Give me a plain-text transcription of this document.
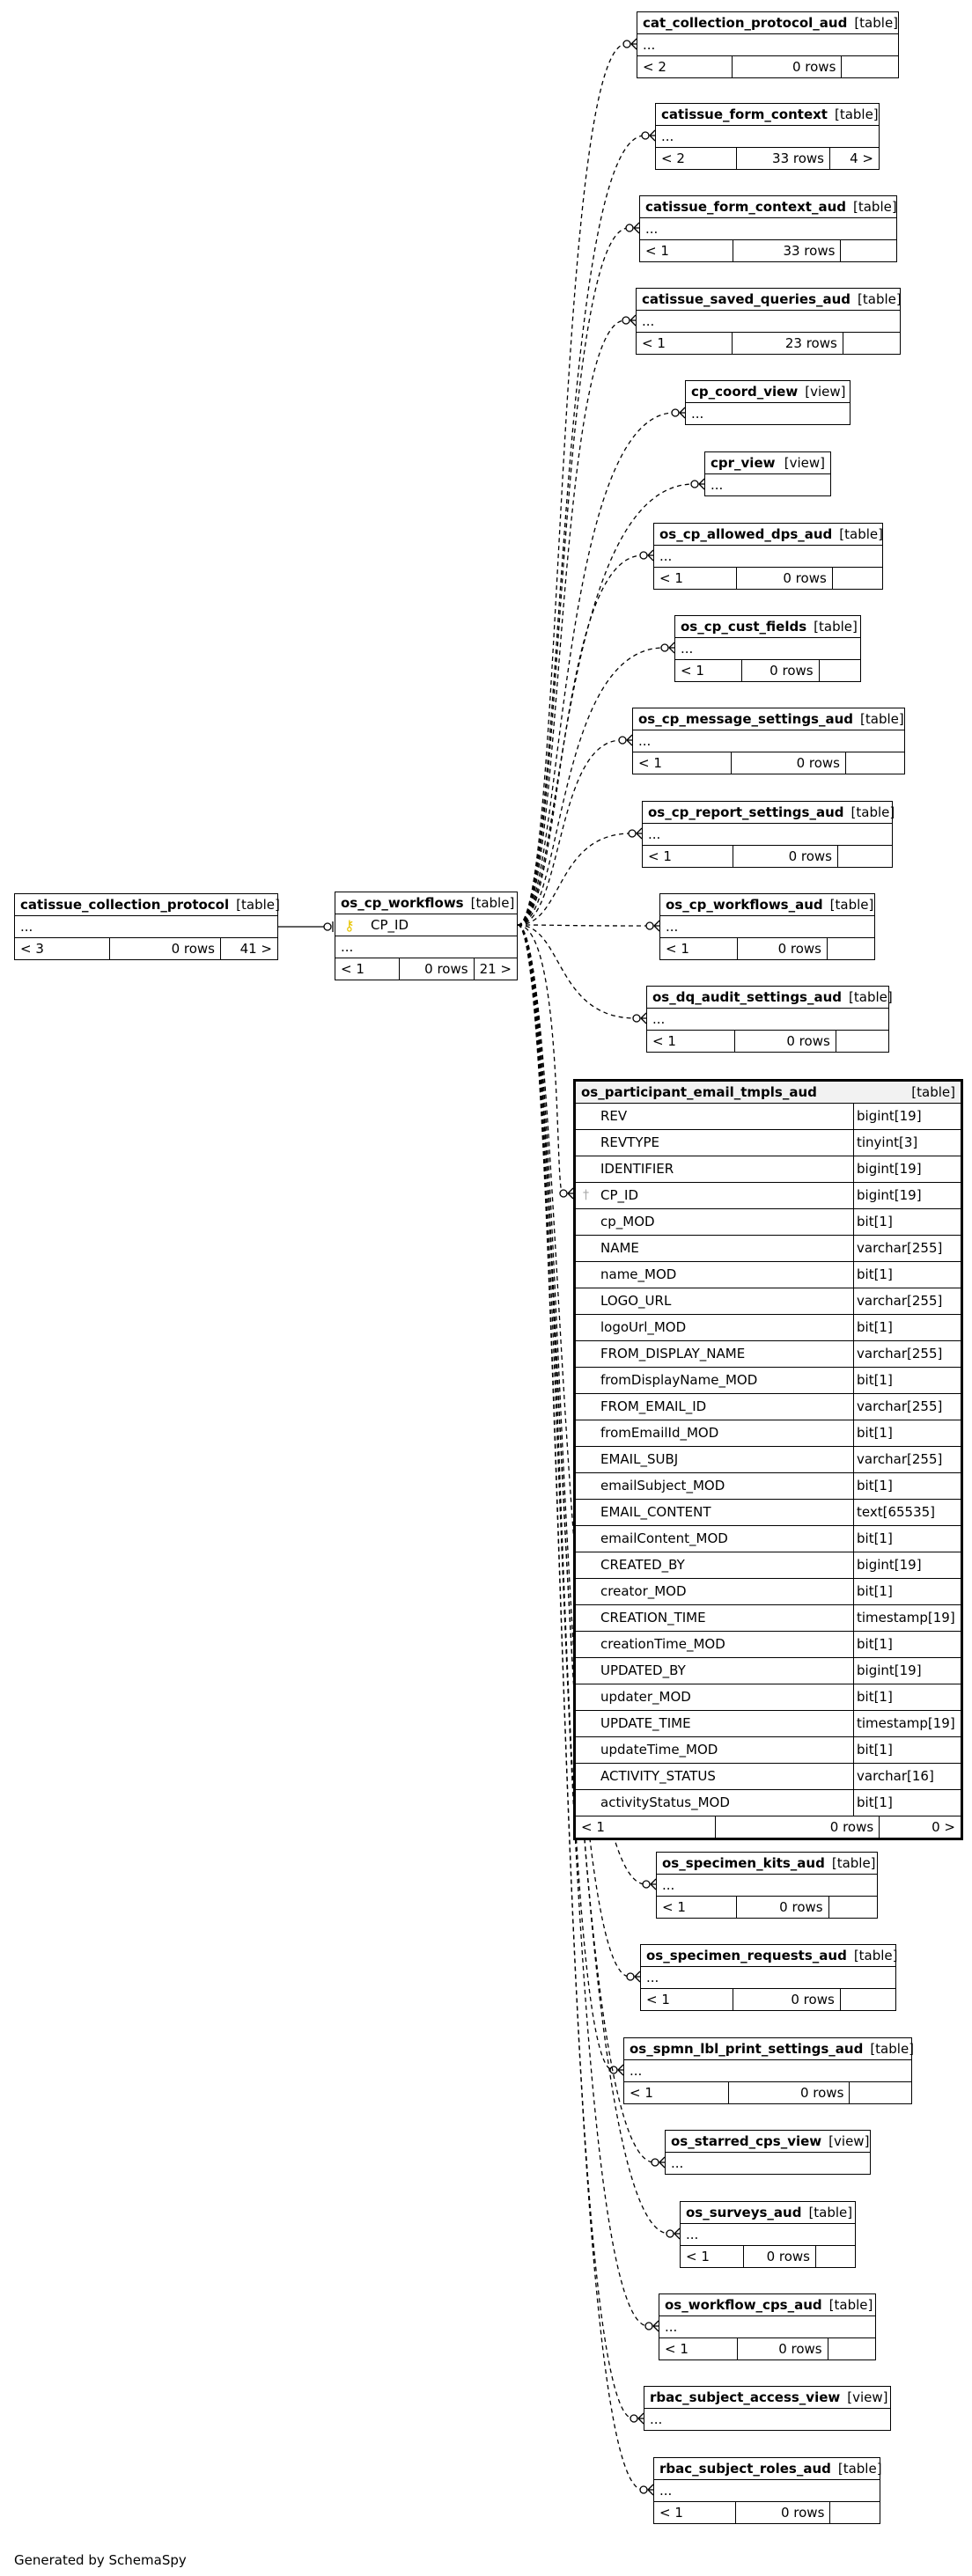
cat_collection_protocol_aud [table]
...
< 2	0 rows
catissue_form_context [table]
...
< 2	33 rows	4 >
catissue_form_context_aud [table]
...
< 1	33 rows
catissue_saved_queries_aud [table]
...
< 1	23 rows
cp_coord_view [view]
...
cpr_view [view]
...
os_cp_allowed_dps_aud [table]
...
< 1	0 rows
os_cp_cust_fields [table]
...
< 1	0 rows
os_cp_message_settings_aud [table]
...
< 1	0 rows
os_cp_report_settings_aud [table]
...
< 1	0 rows
os_cp_workflows_aud [table]
...
< 1	0 rows
os_dq_audit_settings_aud [table]
...
< 1	0 rows
os_specimen_kits_aud [table]
...
< 1	0 rows
os_specimen_requests_aud [table]
...
< 1	0 rows
os_spmn_lbl_print_settings_aud [table]
...
< 1	0 rows
os_starred_cps_view [view]
...
os_surveys_aud [table]
...
< 1	0 rows
os_workflow_cps_aud [table]
...
< 1	0 rows
rbac_subject_access_view [view]
...
rbac_subject_roles_aud [table]
...
< 1	0 rows
catissue_collection_protocol [table]
...
< 3	0 rows	41 >
os_cp_workflows [table]
⚷ CP_ID
...
< 1	0 rows 21 >
os_participant_email_tmpls_aud	[table]
REV	bigint[19]
REVTYPE	tinyint[3]
IDENTIFIER	bigint[19]
† CP_ID	bigint[19]
cp_MOD	bit[1]
NAME	varchar[255]
name_MOD	bit[1]
LOGO_URL	varchar[255]
logoUrl_MOD	bit[1]
FROM_DISPLAY_NAME	varchar[255]
fromDisplayName_MOD	bit[1]
FROM_EMAIL_ID	varchar[255]
fromEmailId_MOD	bit[1]
EMAIL_SUBJ	varchar[255]
emailSubject_MOD	bit[1]
EMAIL_CONTENT	text[65535]
emailContent_MOD	bit[1]
CREATED_BY	bigint[19]
creator_MOD	bit[1]
CREATION_TIME	timestamp[19]
creationTime_MOD	bit[1]
UPDATED_BY	bigint[19]
updater_MOD	bit[1]
UPDATE_TIME	timestamp[19]
updateTime_MOD	bit[1]
ACTIVITY_STATUS	varchar[16]
activityStatus_MOD	bit[1]
< 1	0 rows	0 >
Generated by SchemaSpy
